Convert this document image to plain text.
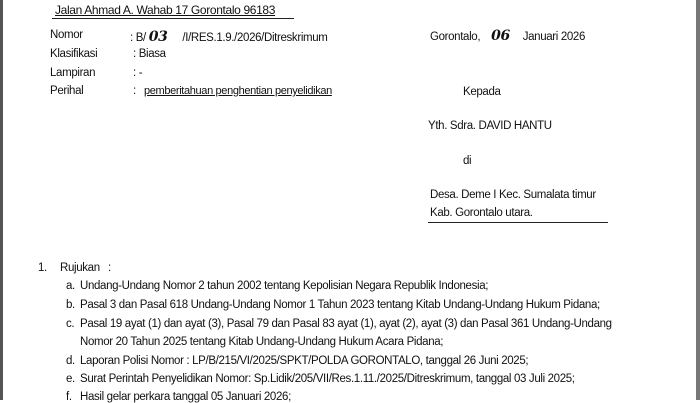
Jalan Ahmad A. Wahab 17 Gorontalo 96183
Nomor	: B/ 03 /I/RES.1.9./2026/Ditreskrimum
Klasifikasi	: Biasa
Lampiran	: -
Perihal	: pemberitahuan penghentian penyelidikan
Gorontalo, 06 Januari 2026
Kepada
Yth. Sdra. DAVID HANTU
di
Desa. Deme I Kec. Sumalata timur
Kab. Gorontalo utara.
1. Rujukan :
a. Undang-Undang Nomor 2 tahun 2002 tentang Kepolisian Negara Republik Indonesia;
b. Pasal 3 dan Pasal 618 Undang-Undang Nomor 1 Tahun 2023 tentang Kitab Undang-Undang Hukum Pidana;
c. Pasal 19 ayat (1) dan ayat (3), Pasal 79 dan Pasal 83 ayat (1), ayat (2), ayat (3) dan Pasal 361 Undang-Undang
Nomor 20 Tahun 2025 tentang Kitab Undang-Undang Hukum Acara Pidana;
d. Laporan Polisi Nomor : LP/B/215/VI/2025/SPKT/POLDA GORONTALO, tanggal 26 Juni 2025;
e. Surat Perintah Penyelidikan Nomor: Sp.Lidik/205/VII/Res.1.11./2025/Ditreskrimum, tanggal 03 Juli 2025;
f. Hasil gelar perkara tanggal 05 Januari 2026;
